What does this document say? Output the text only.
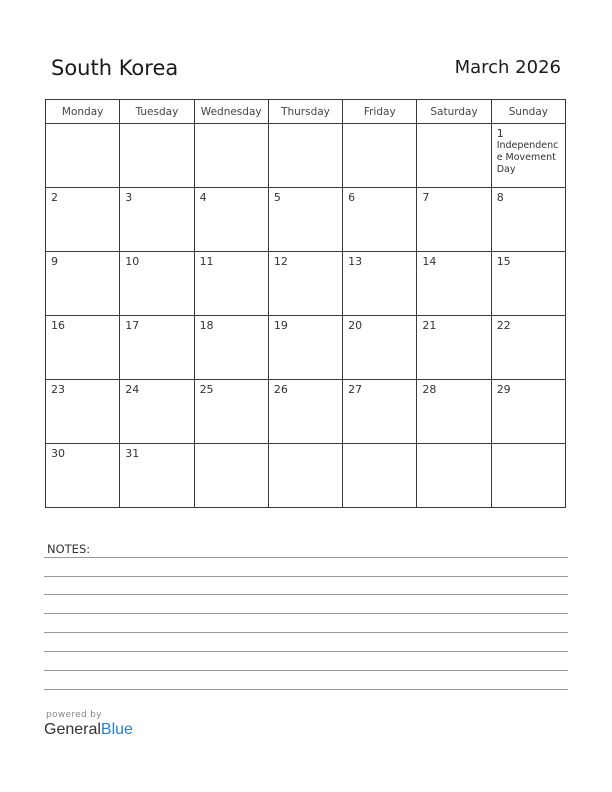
South Korea	March 2026
Monday	Tuesday	Wednesday	Thursday	Friday	Saturday	Sunday

						1
Independence Movement Day

2	3	4	5	6	7	8

9	10	11	12	13	14	15

16	17	18	19	20	21	22

23	24	25	26	27	28	29

30	31					

NOTES:
powered by
GeneralBlue
